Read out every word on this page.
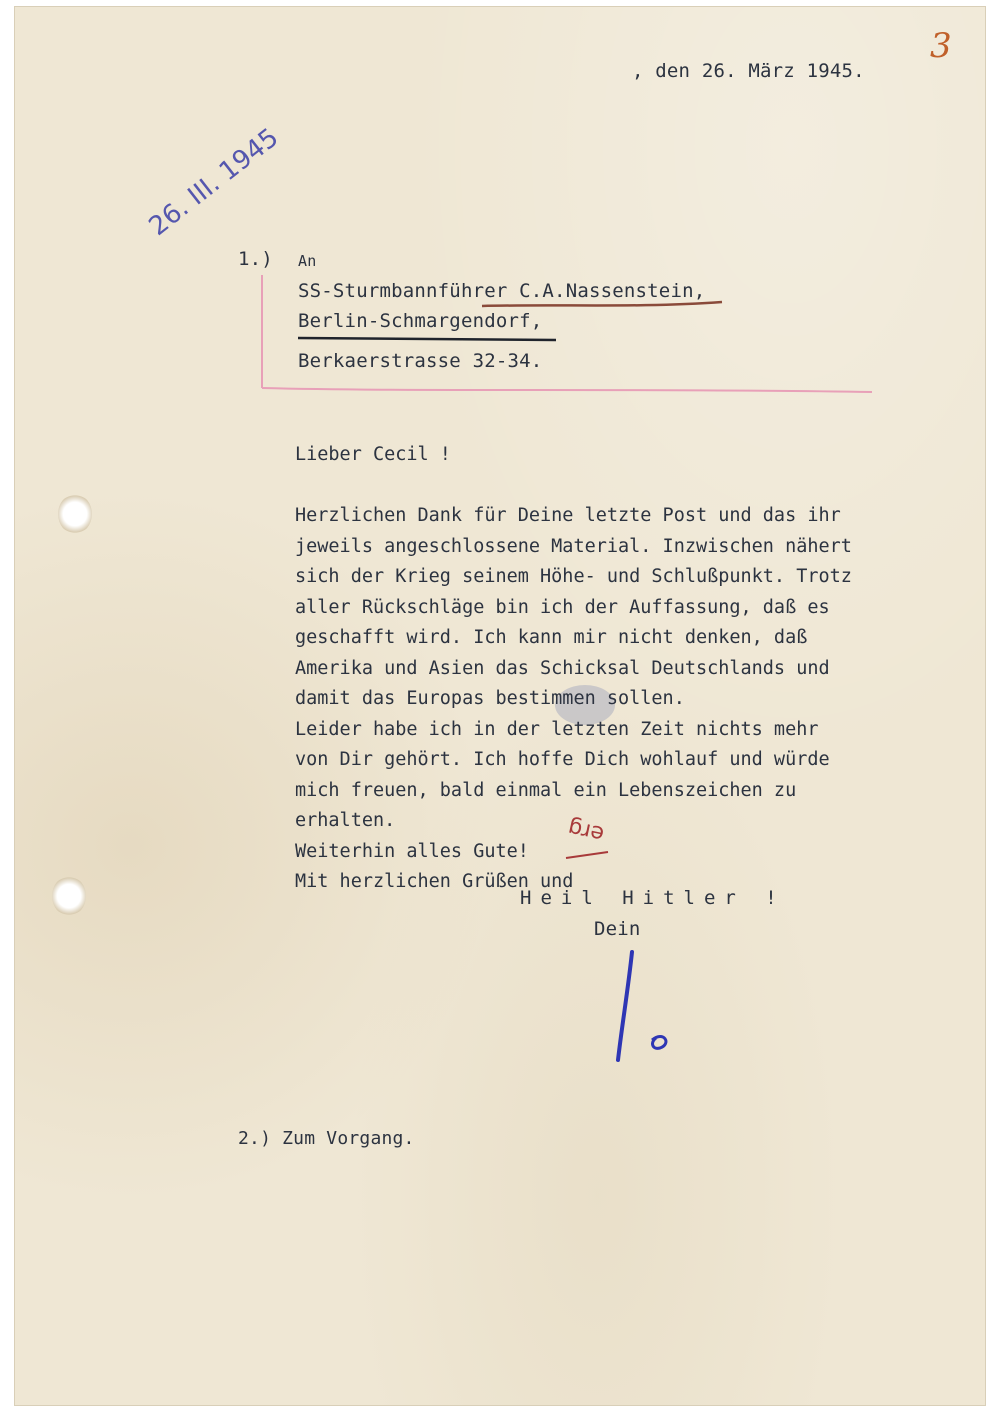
3
, den 26. März 1945.
26. III. 1945
1.) An
SS-Sturmbannführer C.A.Nassenstein,
Berlin-Schmargendorf,
Berkaerstrasse 32-34.
Lieber Cecil !

Herzlichen Dank für Deine letzte Post und das ihr
jeweils angeschlossene Material. Inzwischen nähert
sich der Krieg seinem Höhe- und Schlußpunkt. Trotz
aller Rückschläge bin ich der Auffassung, daß es
geschafft wird. Ich kann mir nicht denken, daß
Amerika und Asien das Schicksal Deutschlands und
damit das Europas bestimmen sollen.
Leider habe ich in der letzten Zeit nichts mehr
von Dir gehört. Ich hoffe Dich wohlauf und würde
mich freuen, bald einmal ein Lebenszeichen zu
erhalten.
Weiterhin alles Gute!
Mit herzlichen Grüßen und
erg
Heil Hitler !
Dein
2.) Zum Vorgang.
